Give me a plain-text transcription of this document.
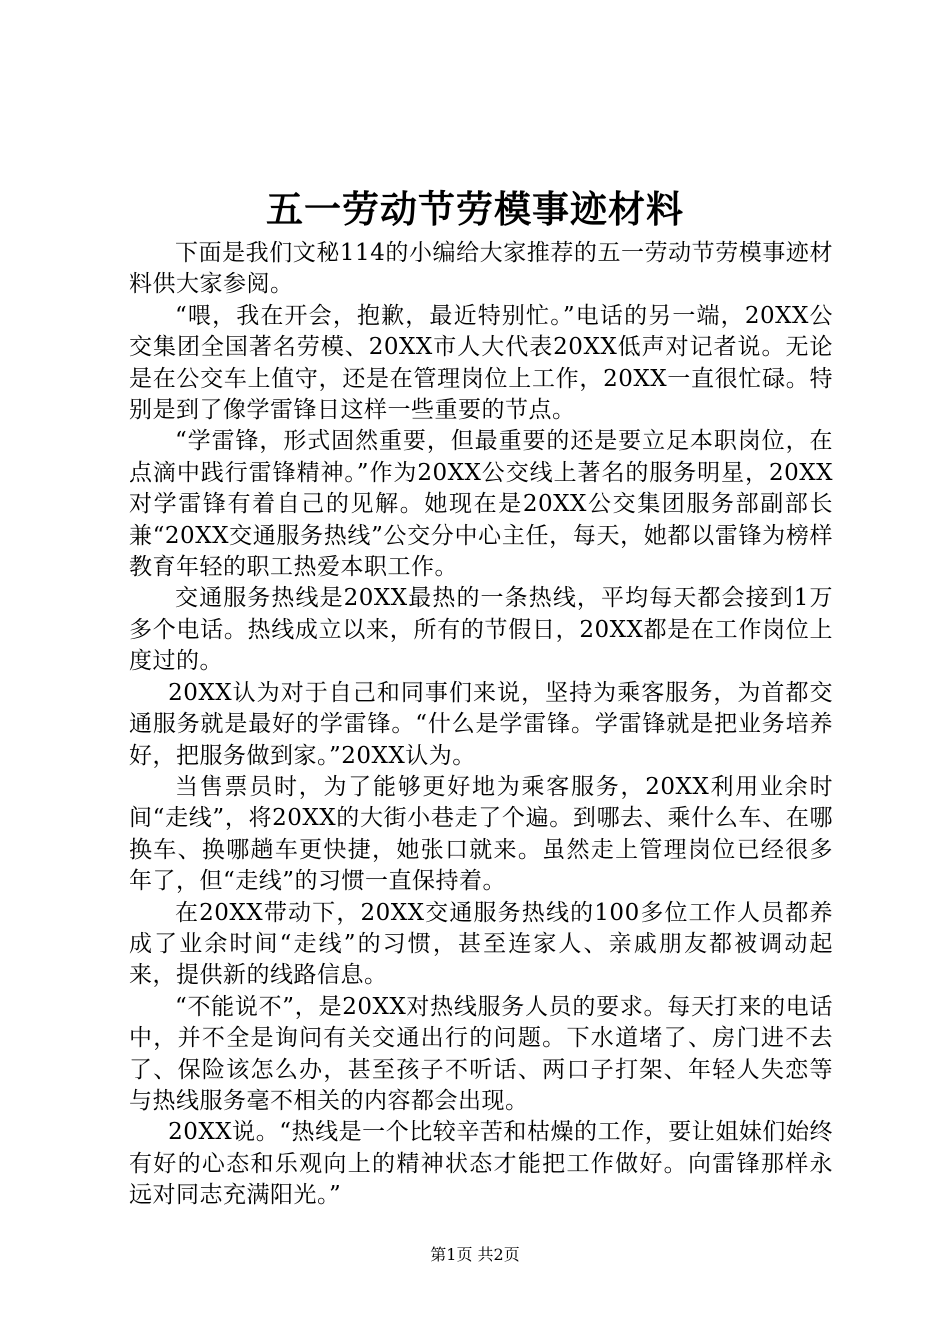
五一劳动节劳模事迹材料

下面是我们文秘114的小编给大家推荐的五一劳动节劳模事迹材料供大家参阅。

“喂，我在开会，抱歉，最近特别忙。”电话的另一端，20XX公交集团全国著名劳模、20XX市人大代表20XX低声对记者说。无论是在公交车上值守，还是在管理岗位上工作，20XX一直很忙碌。特别是到了像学雷锋日这样一些重要的节点。

“学雷锋，形式固然重要，但最重要的还是要立足本职岗位，在点滴中践行雷锋精神。”作为20XX公交线上著名的服务明星，20XX对学雷锋有着自己的见解。她现在是20XX公交集团服务部副部长兼“20XX交通服务热线”公交分中心主任，每天，她都以雷锋为榜样教育年轻的职工热爱本职工作。

交通服务热线是20XX最热的一条热线，平均每天都会接到1万多个电话。热线成立以来，所有的节假日，20XX都是在工作岗位上度过的。

20XX认为对于自己和同事们来说，坚持为乘客服务，为首都交通服务就是最好的学雷锋。“什么是学雷锋。学雷锋就是把业务培养好，把服务做到家。”20XX认为。

当售票员时，为了能够更好地为乘客服务，20XX利用业余时间“走线”，将20XX的大街小巷走了个遍。到哪去、乘什么车、在哪换车、换哪趟车更快捷，她张口就来。虽然走上管理岗位已经很多年了，但“走线”的习惯一直保持着。

在20XX带动下，20XX交通服务热线的100多位工作人员都养成了业余时间“走线”的习惯，甚至连家人、亲戚朋友都被调动起来，提供新的线路信息。

“不能说不”，是20XX对热线服务人员的要求。每天打来的电话中，并不全是询问有关交通出行的问题。下水道堵了、房门进不去了、保险该怎么办，甚至孩子不听话、两口子打架、年轻人失恋等与热线服务毫不相关的内容都会出现。

20XX说。“热线是一个比较辛苦和枯燥的工作，要让姐妹们始终有好的心态和乐观向上的精神状态才能把工作做好。向雷锋那样永远对同志充满阳光。”

第1页 共2页
